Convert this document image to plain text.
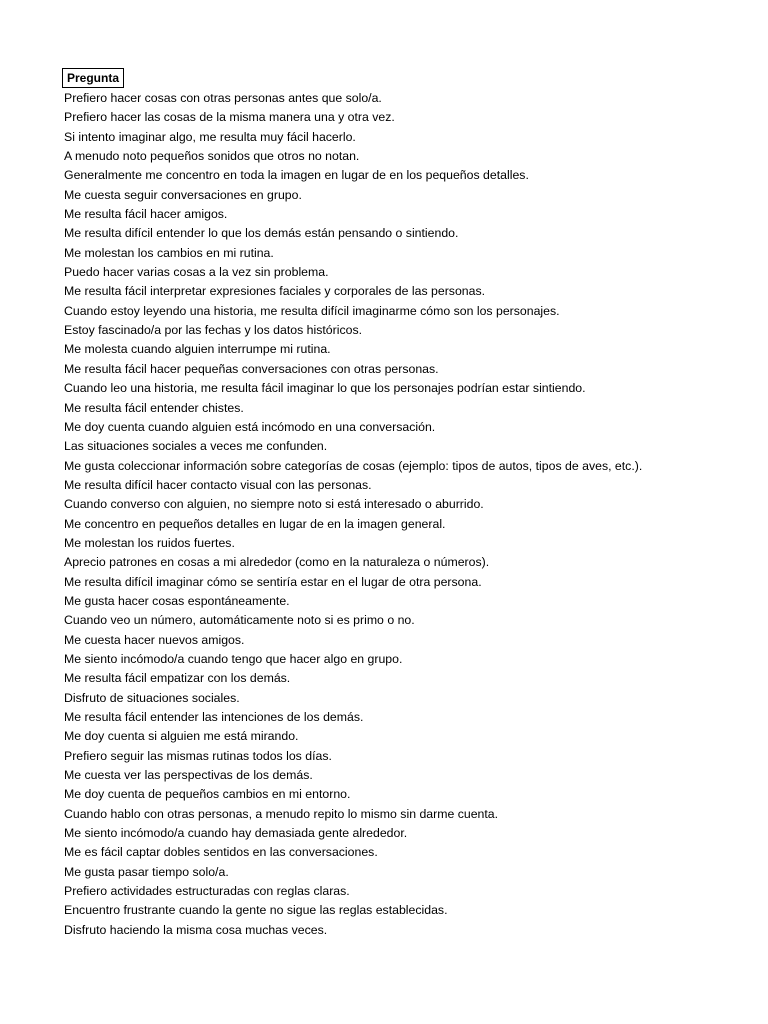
Pregunta
Prefiero hacer cosas con otras personas antes que solo/a.
Prefiero hacer las cosas de la misma manera una y otra vez.
Si intento imaginar algo, me resulta muy fácil hacerlo.
A menudo noto pequeños sonidos que otros no notan.
Generalmente me concentro en toda la imagen en lugar de en los pequeños detalles.
Me cuesta seguir conversaciones en grupo.
Me resulta fácil hacer amigos.
Me resulta difícil entender lo que los demás están pensando o sintiendo.
Me molestan los cambios en mi rutina.
Puedo hacer varias cosas a la vez sin problema.
Me resulta fácil interpretar expresiones faciales y corporales de las personas.
Cuando estoy leyendo una historia, me resulta difícil imaginarme cómo son los personajes.
Estoy fascinado/a por las fechas y los datos históricos.
Me molesta cuando alguien interrumpe mi rutina.
Me resulta fácil hacer pequeñas conversaciones con otras personas.
Cuando leo una historia, me resulta fácil imaginar lo que los personajes podrían estar sintiendo.
Me resulta fácil entender chistes.
Me doy cuenta cuando alguien está incómodo en una conversación.
Las situaciones sociales a veces me confunden.
Me gusta coleccionar información sobre categorías de cosas (ejemplo: tipos de autos, tipos de aves, etc.).
Me resulta difícil hacer contacto visual con las personas.
Cuando converso con alguien, no siempre noto si está interesado o aburrido.
Me concentro en pequeños detalles en lugar de en la imagen general.
Me molestan los ruidos fuertes.
Aprecio patrones en cosas a mi alrededor (como en la naturaleza o números).
Me resulta difícil imaginar cómo se sentiría estar en el lugar de otra persona.
Me gusta hacer cosas espontáneamente.
Cuando veo un número, automáticamente noto si es primo o no.
Me cuesta hacer nuevos amigos.
Me siento incómodo/a cuando tengo que hacer algo en grupo.
Me resulta fácil empatizar con los demás.
Disfruto de situaciones sociales.
Me resulta fácil entender las intenciones de los demás.
Me doy cuenta si alguien me está mirando.
Prefiero seguir las mismas rutinas todos los días.
Me cuesta ver las perspectivas de los demás.
Me doy cuenta de pequeños cambios en mi entorno.
Cuando hablo con otras personas, a menudo repito lo mismo sin darme cuenta.
Me siento incómodo/a cuando hay demasiada gente alrededor.
Me es fácil captar dobles sentidos en las conversaciones.
Me gusta pasar tiempo solo/a.
Prefiero actividades estructuradas con reglas claras.
Encuentro frustrante cuando la gente no sigue las reglas establecidas.
Disfruto haciendo la misma cosa muchas veces.
